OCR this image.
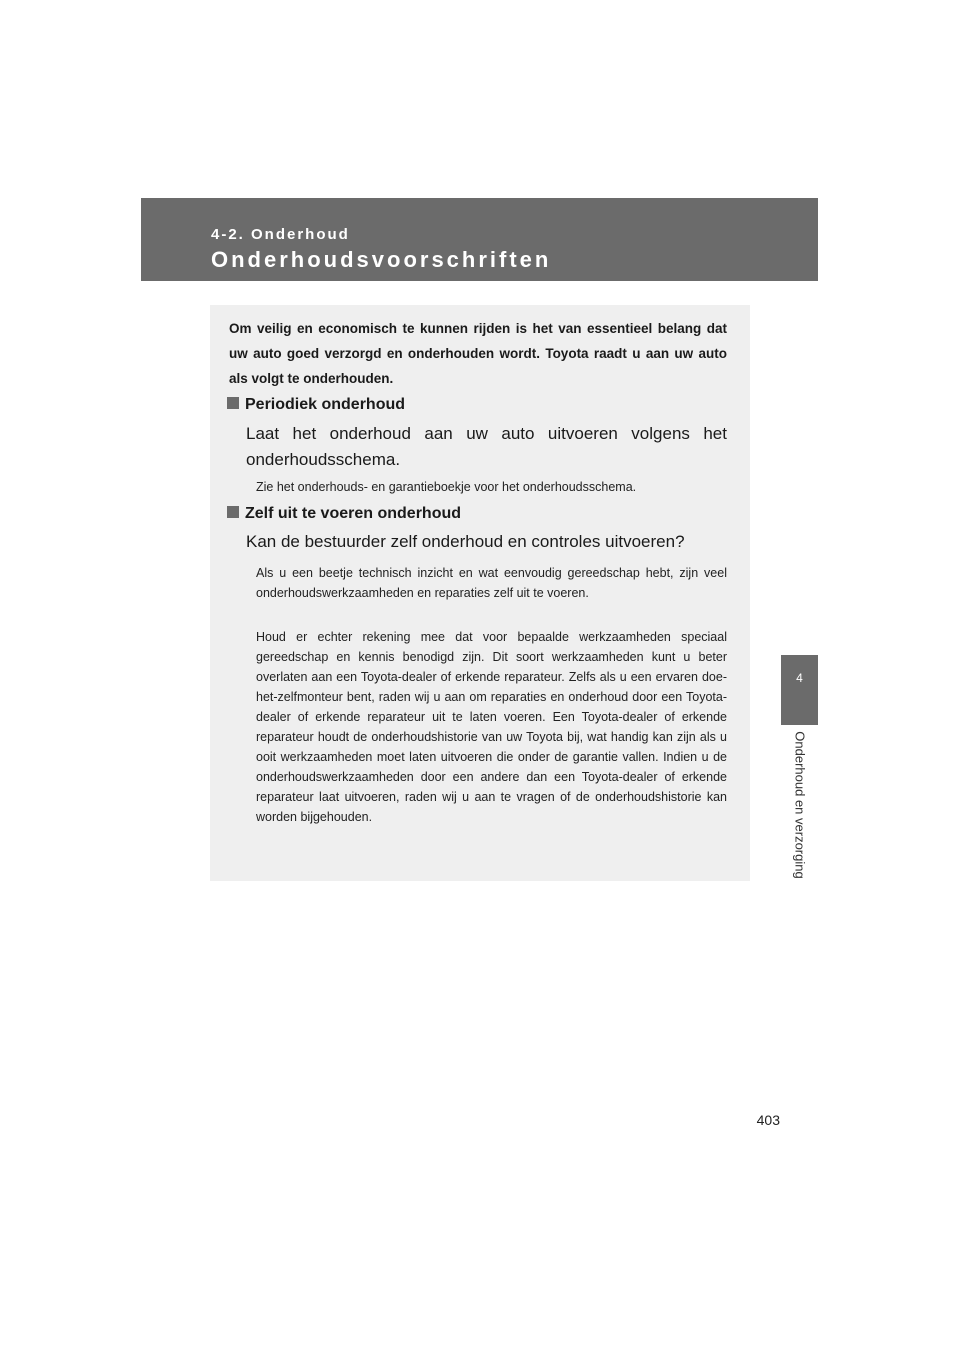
4-2. Onderhoud
Onderhoudsvoorschriften
4
Onderhoud en verzorging

Om veilig en economisch te kunnen rijden is het van essentieel belang dat uw auto goed verzorgd en onderhouden wordt. Toyota raadt u aan uw auto als volgt te onderhouden.

Periodiek onderhoud

Laat het onderhoud aan uw auto uitvoeren volgens het onderhoudsschema.

Zie het onderhouds- en garantieboekje voor het onderhoudsschema.

Zelf uit te voeren onderhoud

Kan de bestuurder zelf onderhoud en controles uitvoeren?

Als u een beetje technisch inzicht en wat eenvoudig gereedschap hebt, zijn veel onderhoudswerkzaamheden en reparaties zelf uit te voeren.

Houd er echter rekening mee dat voor bepaalde werkzaamheden speciaal gereedschap en kennis benodigd zijn. Dit soort werkzaamheden kunt u beter overlaten aan een Toyota-dealer of erkende reparateur. Zelfs als u een ervaren doe-het-zelfmonteur bent, raden wij u aan om reparaties en onderhoud door een Toyota-dealer of erkende reparateur uit te laten voeren. Een Toyota-dealer of erkende reparateur houdt de onderhoudshistorie van uw Toyota bij, wat handig kan zijn als u ooit werkzaamheden moet laten uitvoeren die onder de garantie vallen. Indien u de onderhoudswerkzaamheden door een andere dan een Toyota-dealer of erkende reparateur laat uitvoeren, raden wij u aan te vragen of de onderhoudshistorie kan worden bijgehouden.

403
